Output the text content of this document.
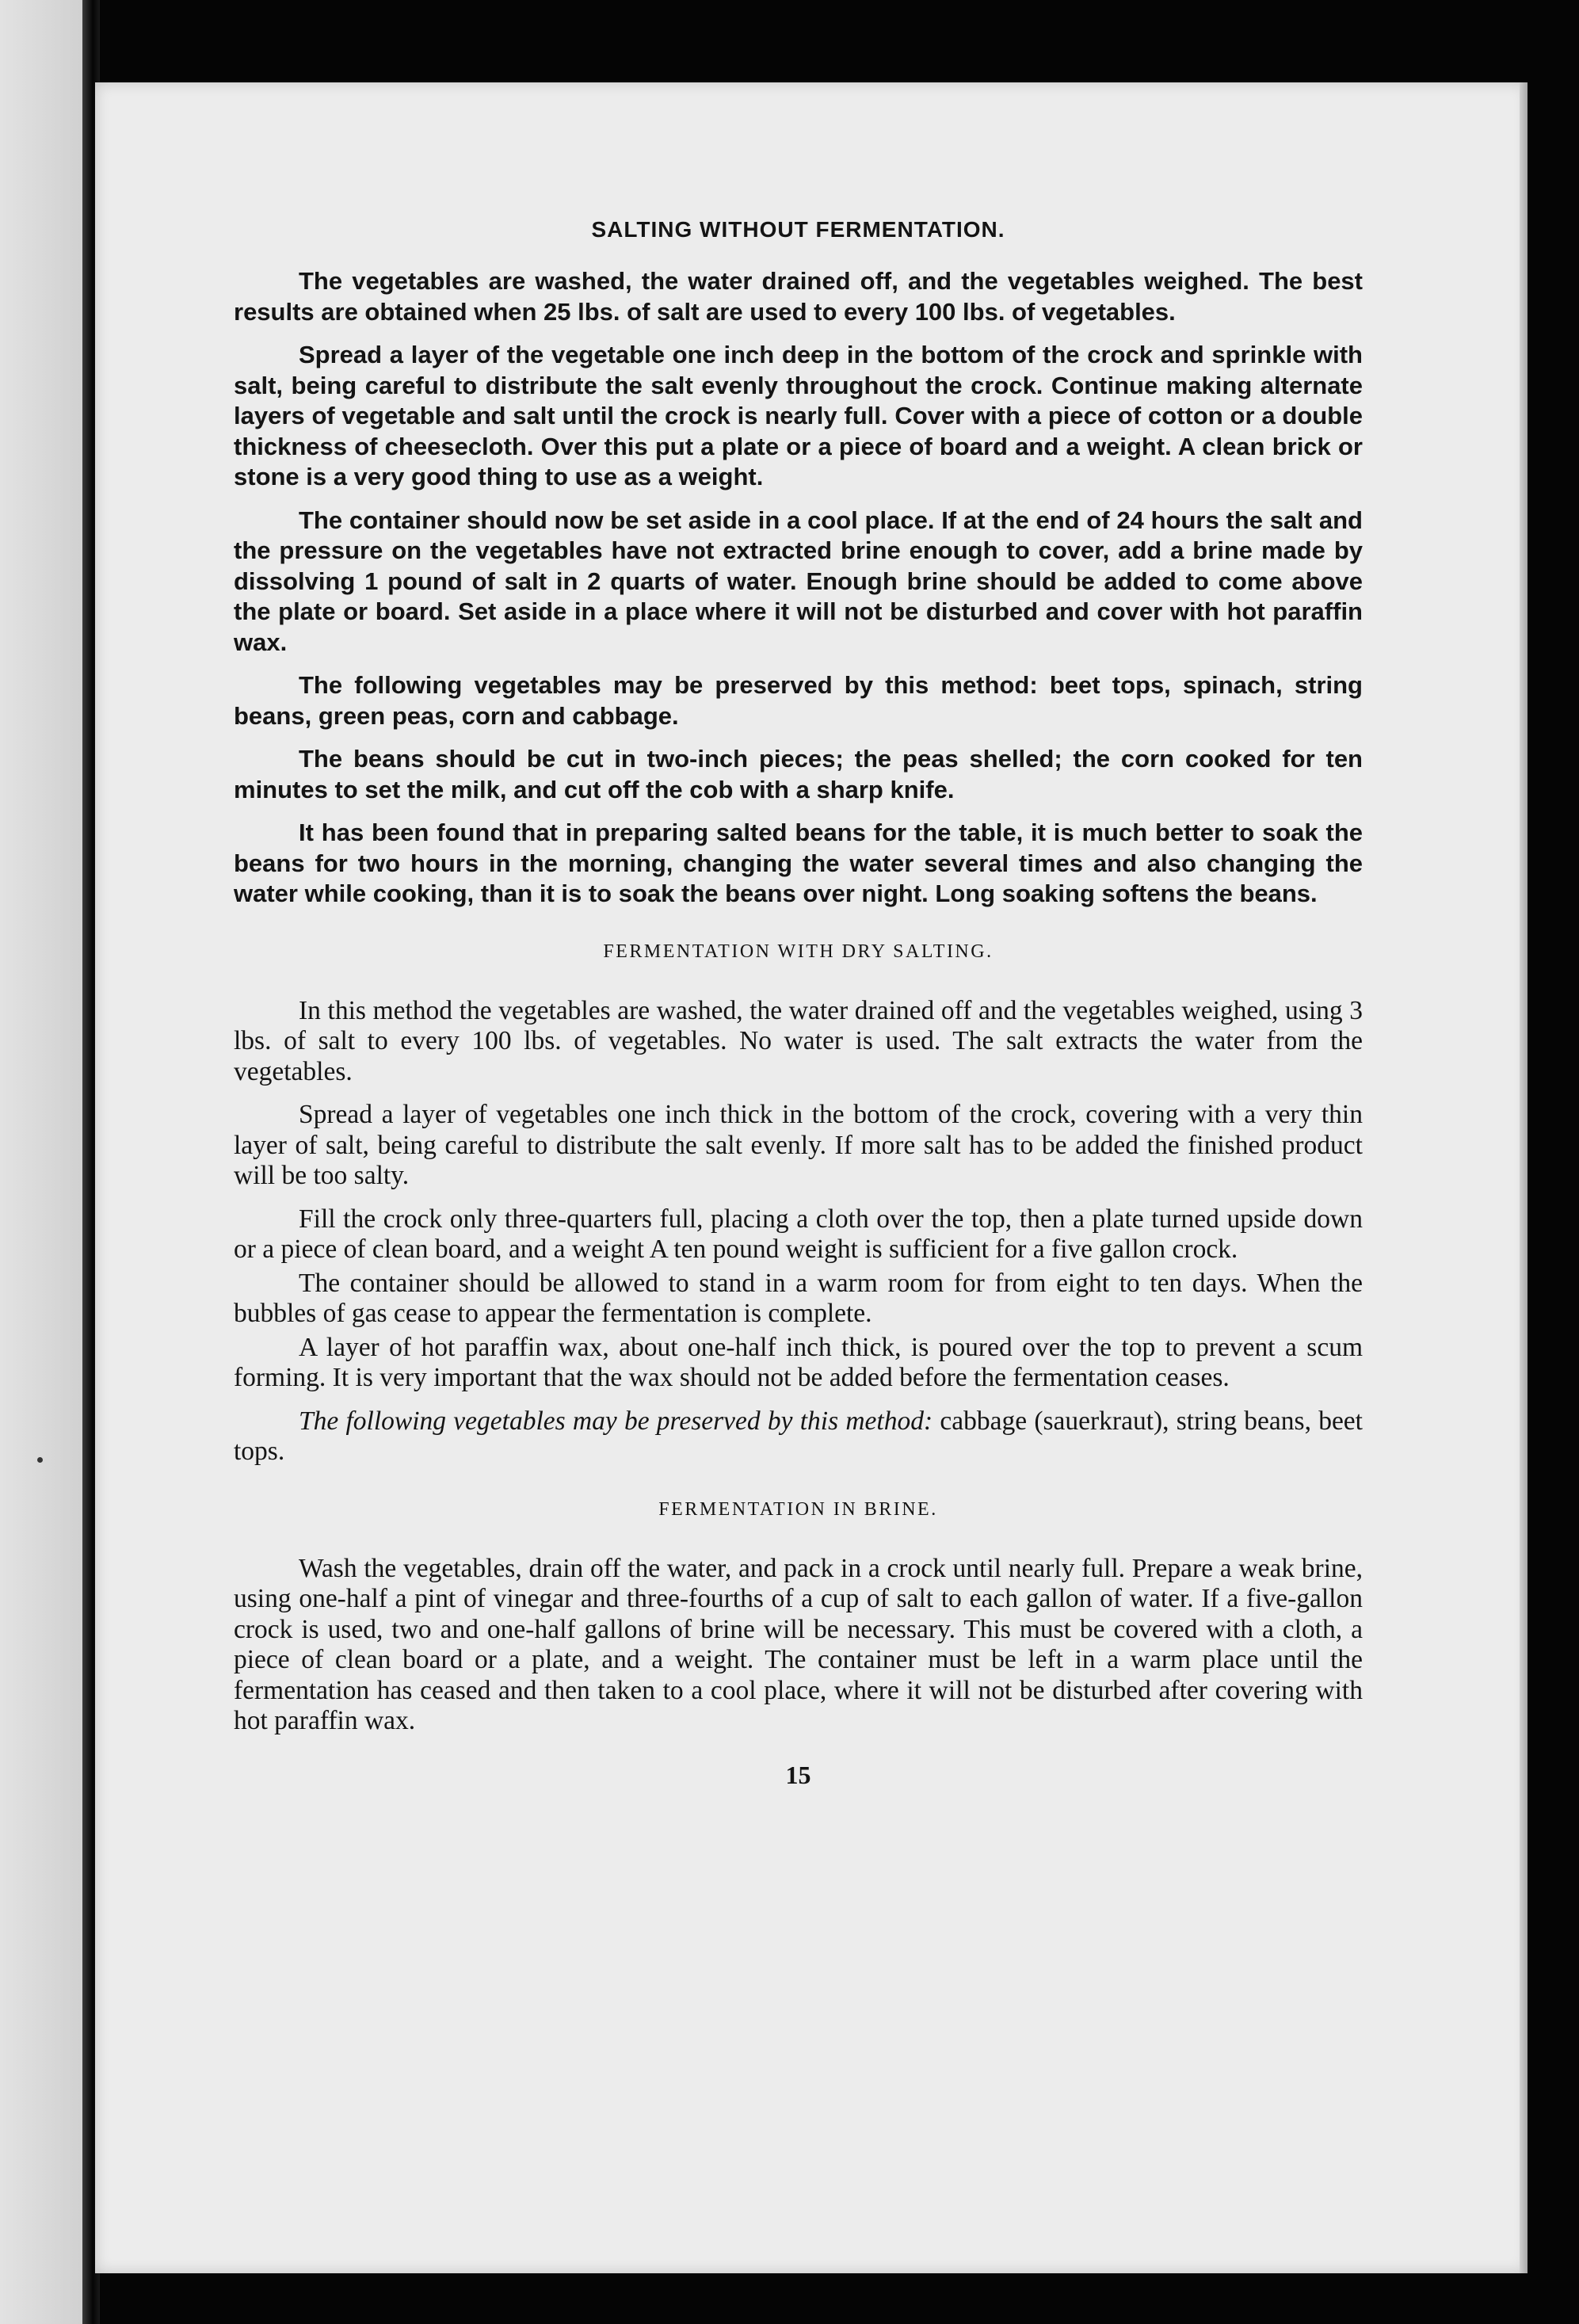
SALTING WITHOUT FERMENTATION.

The vegetables are washed, the water drained off, and the vegetables weighed. The best results are obtained when 25 lbs. of salt are used to every 100 lbs. of vegetables.

Spread a layer of the vegetable one inch deep in the bottom of the crock and sprinkle with salt, being careful to distribute the salt evenly throughout the crock. Continue making alternate layers of vegetable and salt until the crock is nearly full. Cover with a piece of cotton or a double thickness of cheesecloth. Over this put a plate or a piece of board and a weight. A clean brick or stone is a very good thing to use as a weight.

The container should now be set aside in a cool place. If at the end of 24 hours the salt and the pressure on the vegetables have not extracted brine enough to cover, add a brine made by dissolving 1 pound of salt in 2 quarts of water. Enough brine should be added to come above the plate or board. Set aside in a place where it will not be disturbed and cover with hot paraffin wax.

The following vegetables may be preserved by this method: beet tops, spinach, string beans, green peas, corn and cabbage.

The beans should be cut in two-inch pieces; the peas shelled; the corn cooked for ten minutes to set the milk, and cut off the cob with a sharp knife.

It has been found that in preparing salted beans for the table, it is much better to soak the beans for two hours in the morning, changing the water several times and also changing the water while cooking, than it is to soak the beans over night. Long soaking softens the beans.

FERMENTATION WITH DRY SALTING.

In this method the vegetables are washed, the water drained off and the vegetables weighed, using 3 lbs. of salt to every 100 lbs. of vegetables. No water is used. The salt extracts the water from the vegetables.

Spread a layer of vegetables one inch thick in the bottom of the crock, covering with a very thin layer of salt, being careful to distribute the salt evenly. If more salt has to be added the finished product will be too salty.

Fill the crock only three-quarters full, placing a cloth over the top, then a plate turned upside down or a piece of clean board, and a weight A ten pound weight is sufficient for a five gallon crock.

The container should be allowed to stand in a warm room for from eight to ten days. When the bubbles of gas cease to appear the fermentation is complete.

A layer of hot paraffin wax, about one-half inch thick, is poured over the top to prevent a scum forming. It is very important that the wax should not be added before the fermentation ceases.

The following vegetables may be preserved by this method: cabbage (sauerkraut), string beans, beet tops.

FERMENTATION IN BRINE.

Wash the vegetables, drain off the water, and pack in a crock until nearly full. Prepare a weak brine, using one-half a pint of vinegar and three-fourths of a cup of salt to each gallon of water. If a five-gallon crock is used, two and one-half gallons of brine will be necessary. This must be covered with a cloth, a piece of clean board or a plate, and a weight. The container must be left in a warm place until the fermentation has ceased and then taken to a cool place, where it will not be disturbed after covering with hot paraffin wax.

15
